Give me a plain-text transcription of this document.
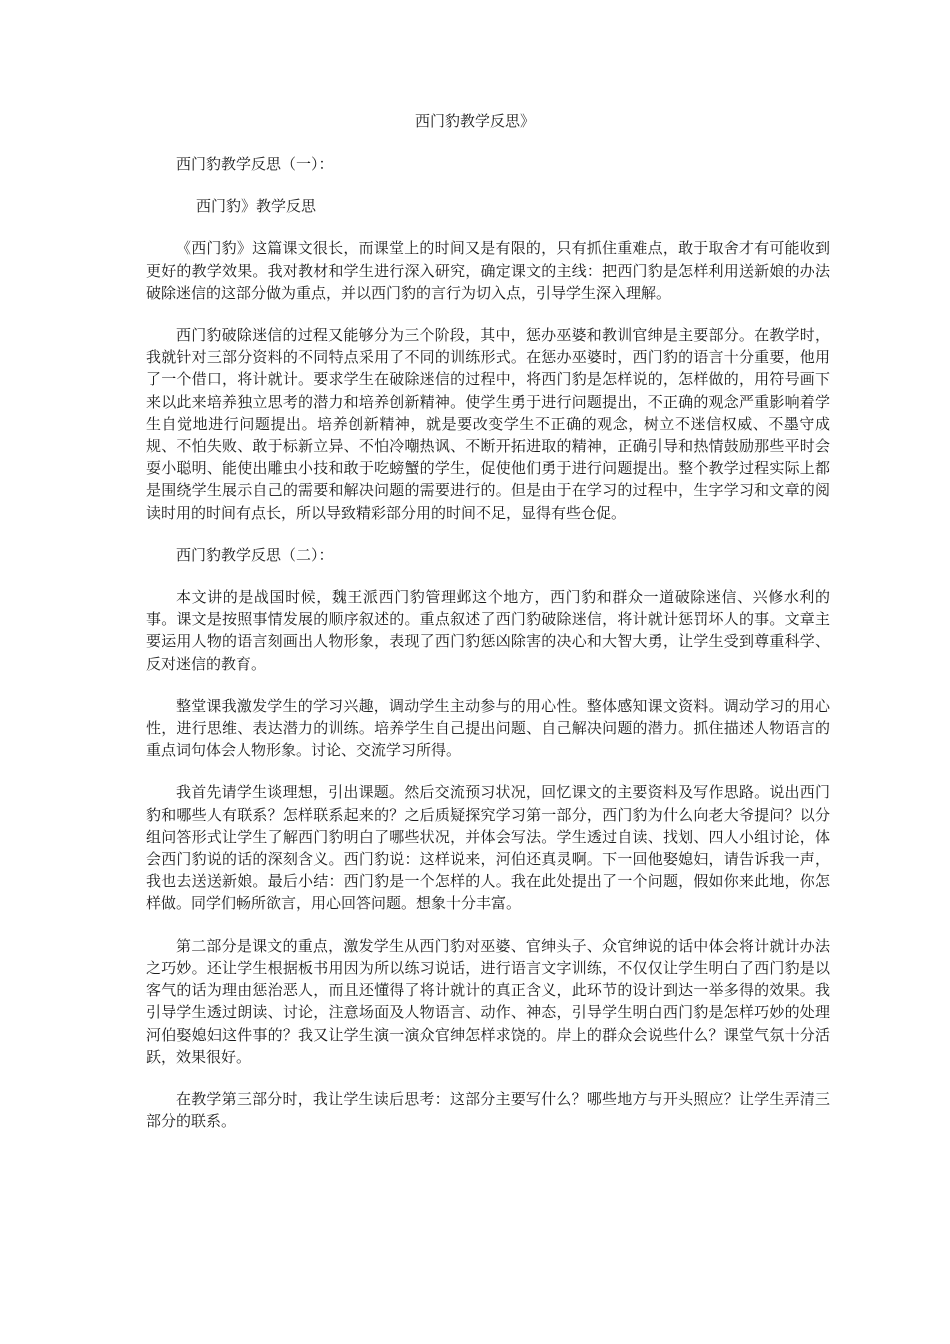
西门豹教学反思》

西门豹教学反思（一）：

西门豹》教学反思

《西门豹》这篇课文很长，而课堂上的时间又是有限的，只有抓住重难点，敢于取舍才有可能收到更好的教学效果。我对教材和学生进行深入研究，确定课文的主线：把西门豹是怎样利用送新娘的办法破除迷信的这部分做为重点，并以西门豹的言行为切入点，引导学生深入理解。

西门豹破除迷信的过程又能够分为三个阶段，其中，惩办巫婆和教训官绅是主要部分。在教学时，我就针对三部分资料的不同特点采用了不同的训练形式。在惩办巫婆时，西门豹的语言十分重要，他用了一个借口，将计就计。要求学生在破除迷信的过程中，将西门豹是怎样说的，怎样做的，用符号画下来以此来培养独立思考的潜力和培养创新精神。使学生勇于进行问题提出，不正确的观念严重影响着学生自觉地进行问题提出。培养创新精神，就是要改变学生不正确的观念，树立不迷信权威、不墨守成规、不怕失败、敢于标新立异、不怕冷嘲热讽、不断开拓进取的精神，正确引导和热情鼓励那些平时会耍小聪明、能使出雕虫小技和敢于吃螃蟹的学生，促使他们勇于进行问题提出。整个教学过程实际上都是围绕学生展示自己的需要和解决问题的需要进行的。但是由于在学习的过程中，生字学习和文章的阅读时用的时间有点长，所以导致精彩部分用的时间不足，显得有些仓促。

西门豹教学反思（二）：

本文讲的是战国时候，魏王派西门豹管理邺这个地方，西门豹和群众一道破除迷信、兴修水利的事。课文是按照事情发展的顺序叙述的。重点叙述了西门豹破除迷信，将计就计惩罚坏人的事。文章主要运用人物的语言刻画出人物形象，表现了西门豹惩凶除害的决心和大智大勇，让学生受到尊重科学、反对迷信的教育。

整堂课我激发学生的学习兴趣，调动学生主动参与的用心性。整体感知课文资料。调动学习的用心性，进行思维、表达潜力的训练。培养学生自己提出问题、自己解决问题的潜力。抓住描述人物语言的重点词句体会人物形象。讨论、交流学习所得。

我首先请学生谈理想，引出课题。然后交流预习状况，回忆课文的主要资料及写作思路。说出西门豹和哪些人有联系？怎样联系起来的？之后质疑探究学习第一部分，西门豹为什么向老大爷提问？以分组问答形式让学生了解西门豹明白了哪些状况，并体会写法。学生透过自读、找划、四人小组讨论，体会西门豹说的话的深刻含义。西门豹说：这样说来，河伯还真灵啊。下一回他娶媳妇，请告诉我一声，我也去送送新娘。最后小结：西门豹是一个怎样的人。我在此处提出了一个问题，假如你来此地，你怎样做。同学们畅所欲言，用心回答问题。想象十分丰富。

第二部分是课文的重点，激发学生从西门豹对巫婆、官绅头子、众官绅说的话中体会将计就计办法之巧妙。还让学生根据板书用因为所以练习说话，进行语言文字训练，不仅仅让学生明白了西门豹是以客气的话为理由惩治恶人，而且还懂得了将计就计的真正含义，此环节的设计到达一举多得的效果。我引导学生透过朗读、讨论，注意场面及人物语言、动作、神态，引导学生明白西门豹是怎样巧妙的处理河伯娶媳妇这件事的？我又让学生演一演众官绅怎样求饶的。岸上的群众会说些什么？课堂气氛十分活跃，效果很好。

在教学第三部分时，我让学生读后思考：这部分主要写什么？哪些地方与开头照应？让学生弄清三部分的联系。
